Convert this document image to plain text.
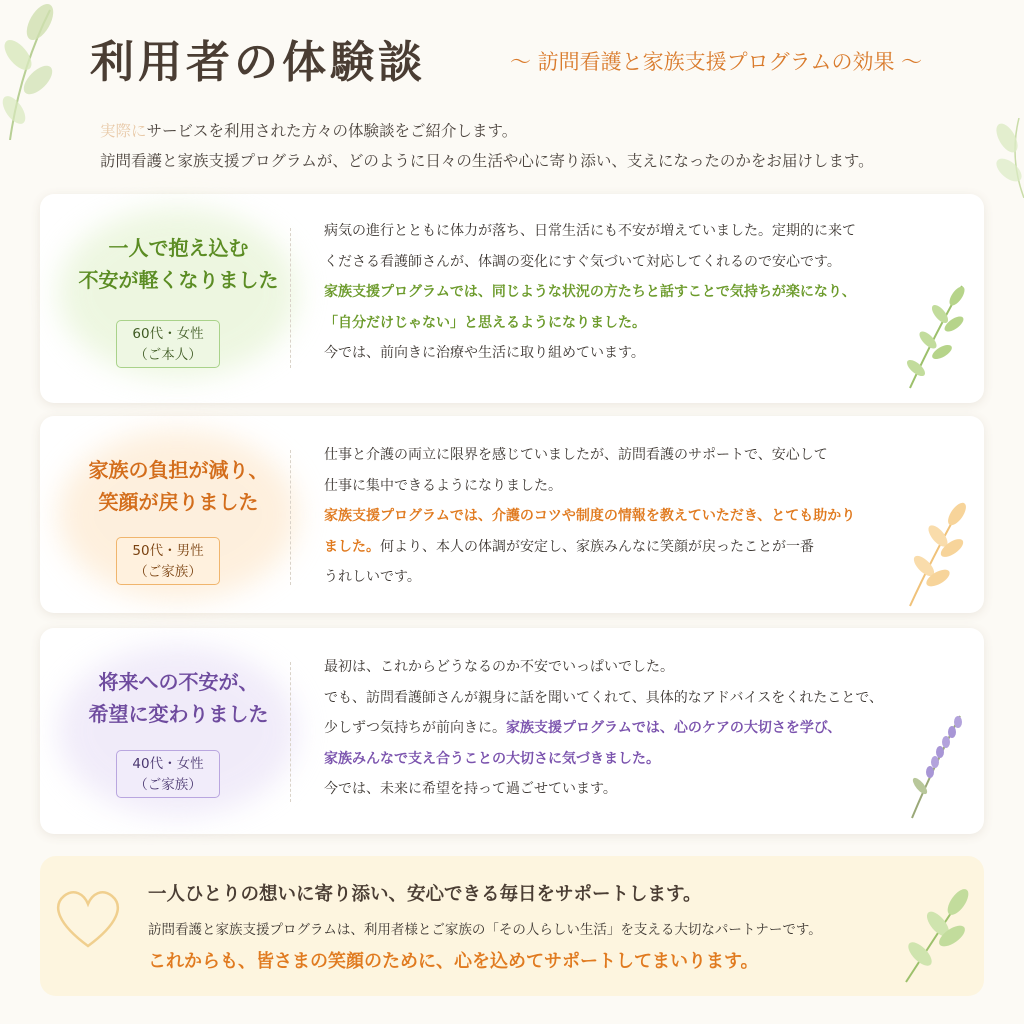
利用者の体験談	〜 訪問看護と家族支援プログラムの効果 〜
実際にサービスを利用された方々の体験談をご紹介します。
訪問看護と家族支援プログラムが、どのように日々の生活や心に寄り添い、支えになったのかをお届けします。
一人で抱え込む
不安が軽くなりました
60代・女性
（ご本人）
病気の進行とともに体力が落ち、日常生活にも不安が増えていました。定期的に来て
くださる看護師さんが、体調の変化にすぐ気づいて対応してくれるので安心です。
家族支援プログラムでは、同じような状況の方たちと話すことで気持ちが楽になり、
「自分だけじゃない」と思えるようになりました。
今では、前向きに治療や生活に取り組めています。
家族の負担が減り、
笑顔が戻りました
50代・男性
（ご家族）
仕事と介護の両立に限界を感じていましたが、訪問看護のサポートで、安心して
仕事に集中できるようになりました。
家族支援プログラムでは、介護のコツや制度の情報を教えていただき、とても助かり
ました。何より、本人の体調が安定し、家族みんなに笑顔が戻ったことが一番
うれしいです。
将来への不安が、
希望に変わりました
40代・女性
（ご家族）
最初は、これからどうなるのか不安でいっぱいでした。
でも、訪問看護師さんが親身に話を聞いてくれて、具体的なアドバイスをくれたことで、
少しずつ気持ちが前向きに。家族支援プログラムでは、心のケアの大切さを学び、
家族みんなで支え合うことの大切さに気づきました。
今では、未来に希望を持って過ごせています。
一人ひとりの想いに寄り添い、安心できる毎日をサポートします。
訪問看護と家族支援プログラムは、利用者様とご家族の「その人らしい生活」を支える大切なパートナーです。
これからも、皆さまの笑顔のために、心を込めてサポートしてまいります。
